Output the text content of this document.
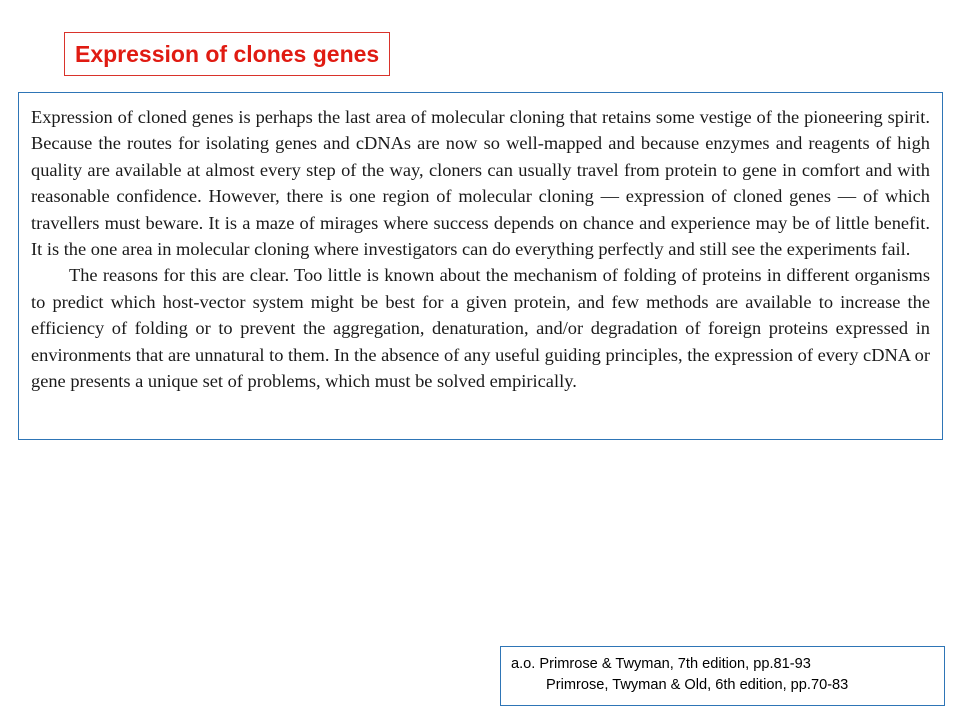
Expression of clones genes

Expression of cloned genes is perhaps the last area of molecular cloning that retains some vestige of the pioneering spirit. Because the routes for isolating genes and cDNAs are now so well-mapped and because enzymes and reagents of high quality are available at almost every step of the way, cloners can usually travel from protein to gene in comfort and with reasonable confidence. However, there is one region of molecular cloning — expression of cloned genes — of which travellers must beware. It is a maze of mirages where success depends on chance and experience may be of little benefit. It is the one area in molecular cloning where investigators can do everything perfectly and still see the experiments fail.

The reasons for this are clear. Too little is known about the mechanism of folding of proteins in different organisms to predict which host-vector system might be best for a given protein, and few methods are available to increase the efficiency of folding or to prevent the aggregation, denaturation, and/or degradation of foreign proteins expressed in environments that are unnatural to them. In the absence of any useful guiding principles, the expression of every cDNA or gene presents a unique set of problems, which must be solved empirically.

a.o. Primrose & Twyman, 7th edition, pp.81-93
Primrose, Twyman & Old, 6th edition, pp.70-83
